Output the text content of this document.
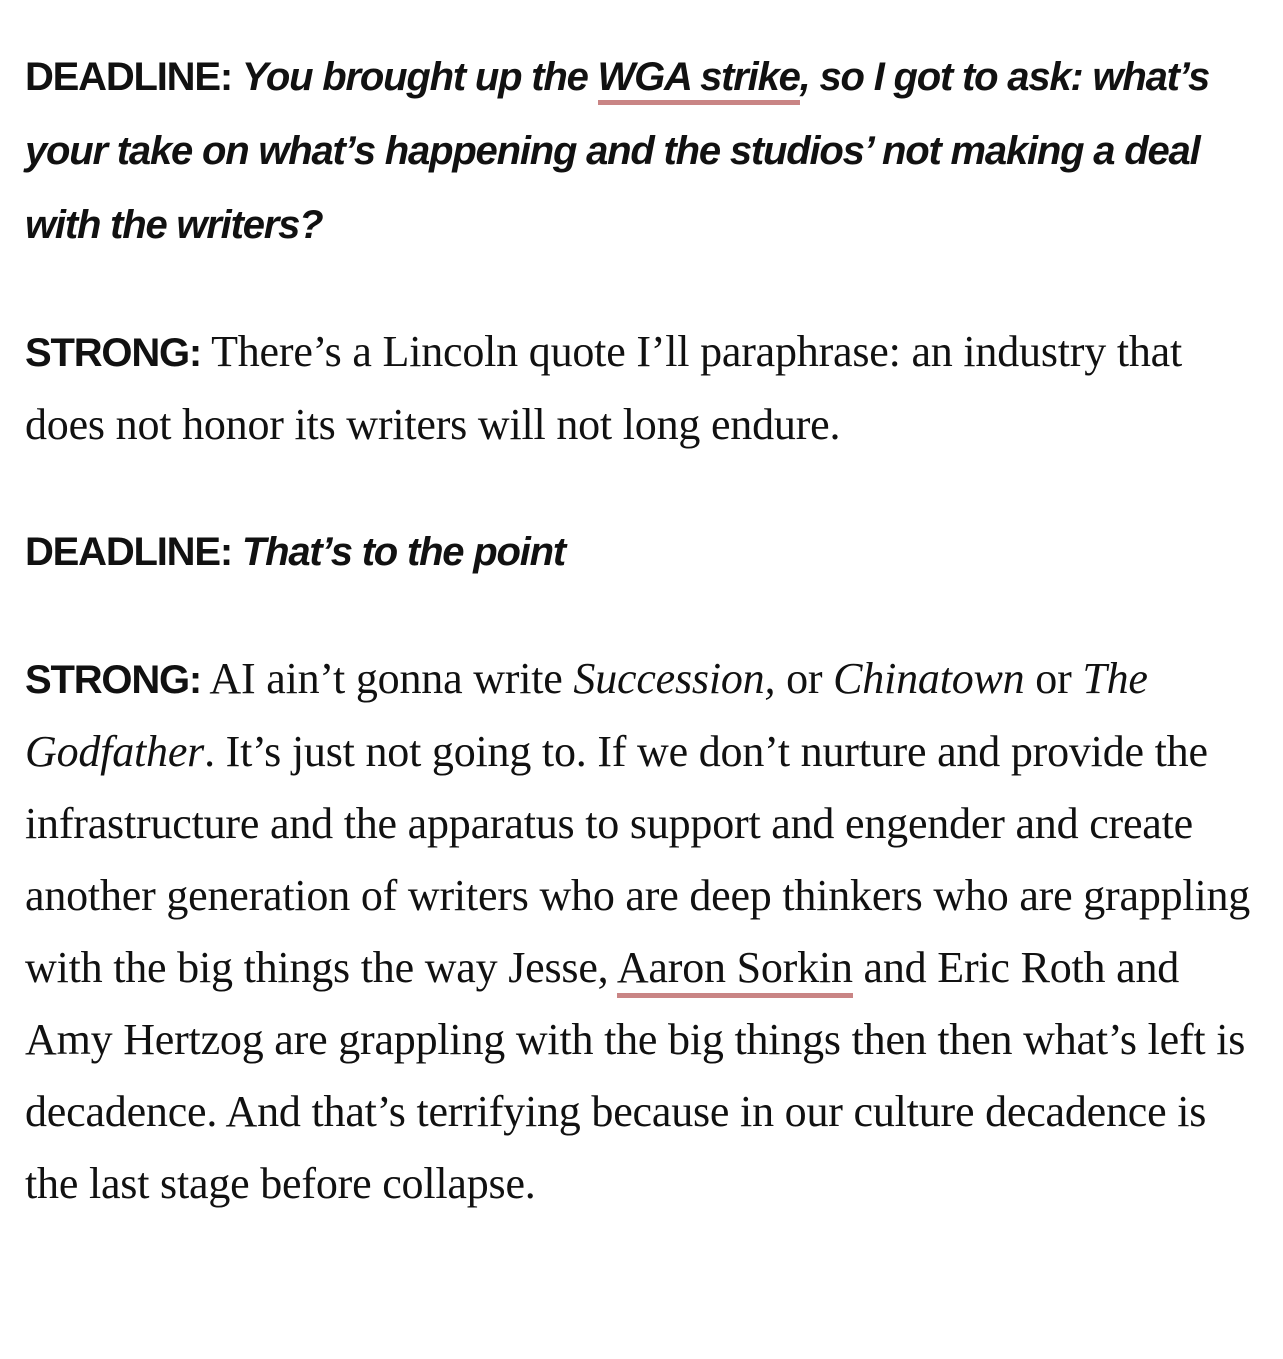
DEADLINE: You brought up the WGA strike, so I got to ask: what’s your take on what’s happening and the studios’ not making a deal with the writers?

STRONG: There’s a Lincoln quote I’ll paraphrase: an industry that does not honor its writers will not long endure.

DEADLINE: That’s to the point

STRONG: AI ain’t gonna write Succession, or Chinatown or The Godfather. It’s just not going to. If we don’t nurture and provide the infrastructure and the apparatus to support and engender and create another generation of writers who are deep thinkers who are grappling with the big things the way Jesse, Aaron Sorkin and Eric Roth and Amy Hertzog are grappling with the big things then then what’s left is decadence. And that’s terrifying because in our culture decadence is the last stage before collapse.
